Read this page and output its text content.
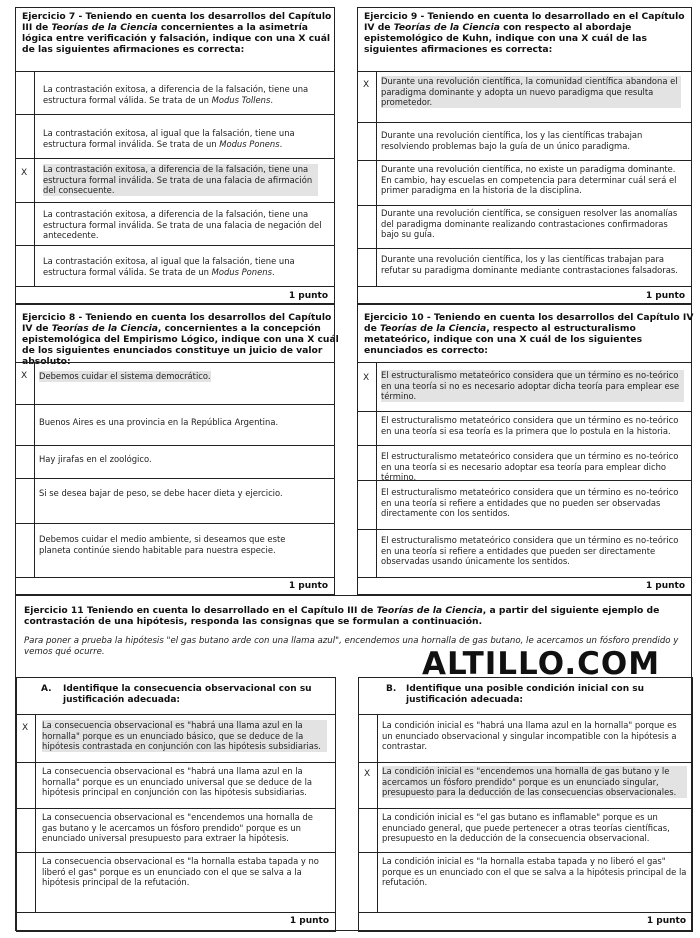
Ejercicio 7 - Teniendo en cuenta los desarrollos del Capítulo III de Teorías de la Ciencia concernientes a la asimetría lógica entre verificación y falsación, indique con una X cuál de las siguientes afirmaciones es correcta:
La contrastación exitosa, a diferencia de la falsación, tiene una estructura formal válida. Se trata de un Modus Tollens.
La contrastación exitosa, al igual que la falsación, tiene una estructura formal inválida. Se trata de un Modus Ponens.
X La contrastación exitosa, a diferencia de la falsación, tiene una estructura formal inválida. Se trata de una falacia de afirmación del consecuente.
La contrastación exitosa, a diferencia de la falsación, tiene una estructura formal inválida. Se trata de una falacia de negación del antecedente.
La contrastación exitosa, al igual que la falsación, tiene una estructura formal válida. Se trata de un Modus Ponens.
1 punto
Ejercicio 9 - Teniendo en cuenta lo desarrollado en el Capítulo IV de Teorías de la Ciencia con respecto al abordaje epistemológico de Kuhn, indique con una X cuál de las siguientes afirmaciones es correcta:
X Durante una revolución científica, la comunidad científica abandona el paradigma dominante y adopta un nuevo paradigma que resulta prometedor.
Durante una revolución científica, los y las científicas trabajan resolviendo problemas bajo la guía de un único paradigma.
Durante una revolución científica, no existe un paradigma dominante. En cambio, hay escuelas en competencia para determinar cuál será el primer paradigma en la historia de la disciplina.
Durante una revolución científica, se consiguen resolver las anomalías del paradigma dominante realizando contrastaciones confirmadoras bajo su guía.
Durante una revolución científica, los y las científicas trabajan para refutar su paradigma dominante mediante contrastaciones falsadoras.
1 punto
Ejercicio 8 - Teniendo en cuenta los desarrollos del Capítulo IV de Teorías de la Ciencia, concernientes a la concepción epistemológica del Empirismo Lógico, indique con una X cuál de los siguientes enunciados constituye un juicio de valor absoluto:
X Debemos cuidar el sistema democrático.
Buenos Aires es una provincia en la República Argentina.
Hay jirafas en el zoológico.
Si se desea bajar de peso, se debe hacer dieta y ejercicio.
Debemos cuidar el medio ambiente, si deseamos que este planeta continúe siendo habitable para nuestra especie.
1 punto
Ejercicio 10 - Teniendo en cuenta los desarrollos del Capítulo IV de Teorías de la Ciencia, respecto al estructuralismo metateórico, indique con una X cuál de los siguientes enunciados es correcto:
X El estructuralismo metateórico considera que un término es no-teórico en una teoría si no es necesario adoptar dicha teoría para emplear ese término.
El estructuralismo metateórico considera que un término es no-teórico en una teoría si esa teoría es la primera que lo postula en la historia.
El estructuralismo metateórico considera que un término es no-teórico en una teoría si es necesario adoptar esa teoría para emplear dicho término.
El estructuralismo metateórico considera que un término es no-teórico en una teoría si refiere a entidades que no pueden ser observadas directamente con los sentidos.
El estructuralismo metateórico considera que un término es no-teórico en una teoría si refiere a entidades que pueden ser directamente observadas usando únicamente los sentidos.
1 punto
Ejercicio 11 Teniendo en cuenta lo desarrollado en el Capítulo III de Teorías de la Ciencia, a partir del siguiente ejemplo de contrastación de una hipótesis, responda las consignas que se formulan a continuación.
Para poner a prueba la hipótesis "el gas butano arde con una llama azul", encendemos una hornalla de gas butano, le acercamos un fósforo prendido y vemos qué ocurre.	ALTILLO.COM
A. Identifique la consecuencia observacional con su justificación adecuada:
X La consecuencia observacional es "habrá una llama azul en la hornalla" porque es un enunciado básico, que se deduce de la hipótesis contrastada en conjunción con las hipótesis subsidiarias.
La consecuencia observacional es "habrá una llama azul en la hornalla" porque es un enunciado universal que se deduce de la hipótesis principal en conjunción con las hipótesis subsidiarias.
La consecuencia observacional es "encendemos una hornalla de gas butano y le acercamos un fósforo prendido" porque es un enunciado universal presupuesto para extraer la hipótesis.
La consecuencia observacional es "la hornalla estaba tapada y no liberó el gas" porque es un enunciado con el que se salva a la hipótesis principal de la refutación.
1 punto
B. Identifique una posible condición inicial con su justificación adecuada:
La condición inicial es "habrá una llama azul en la hornalla" porque es un enunciado observacional y singular incompatible con la hipótesis a contrastar.
X La condición inicial es "encendemos una hornalla de gas butano y le acercamos un fósforo prendido" porque es un enunciado singular, presupuesto para la deducción de las consecuencias observacionales.
La condición inicial es "el gas butano es inflamable" porque es un enunciado general, que puede pertenecer a otras teorías científicas, presupuesto en la deducción de la consecuencia observacional.
La condición inicial es "la hornalla estaba tapada y no liberó el gas" porque es un enunciado con el que se salva a la hipótesis principal de la refutación.
1 punto
